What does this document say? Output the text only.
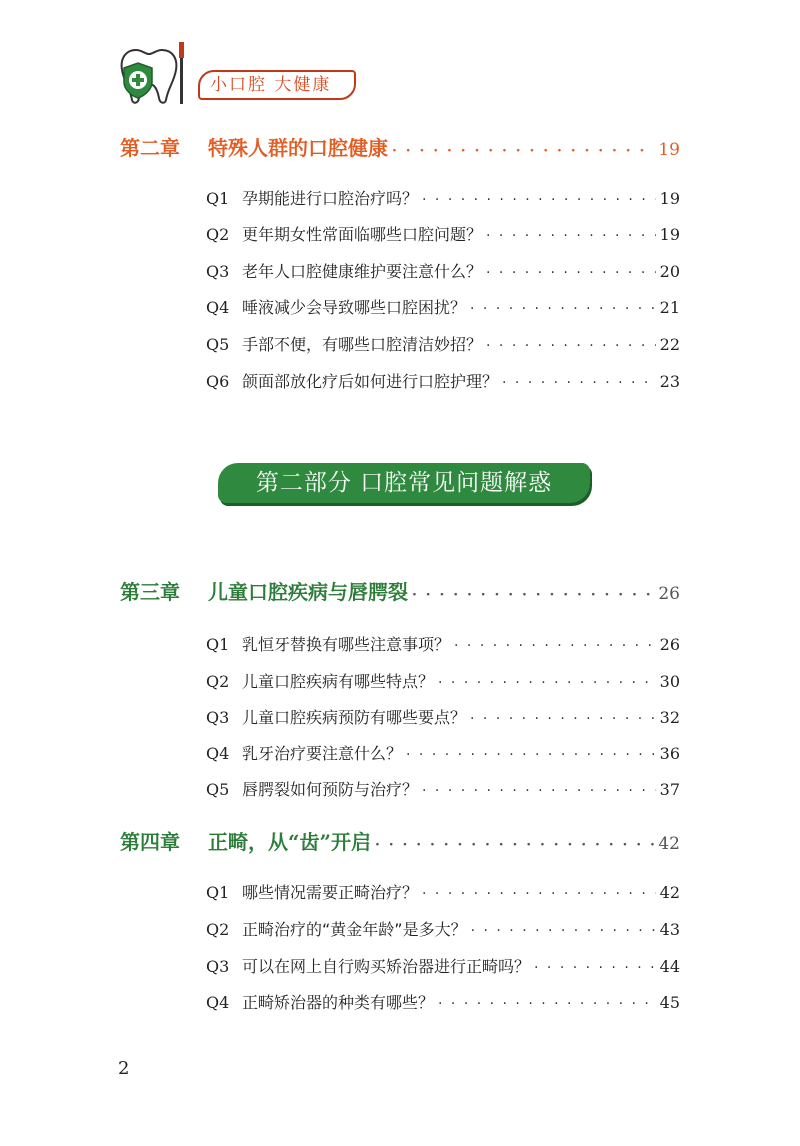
小口腔 大健康
第二章	特殊人群的口腔健康 · · ·	19
Q1 孕期能进行口腔治疗吗？ · · ·	19
Q2 更年期女性常面临哪些口腔问题？ · · ·	19
Q3 老年人口腔健康维护要注意什么？ · · ·	20
Q4 唾液减少会导致哪些口腔困扰？ · · ·	21
Q5 手部不便，有哪些口腔清洁妙招？ · · ·	22
Q6 颌面部放化疗后如何进行口腔护理？ · · ·	23
第二部分 口腔常见问题解惑
第三章	儿童口腔疾病与唇腭裂 · · ·	26
Q1 乳恒牙替换有哪些注意事项？ · · ·	26
Q2 儿童口腔疾病有哪些特点？ · · ·	30
Q3 儿童口腔疾病预防有哪些要点？ · · ·	32
Q4 乳牙治疗要注意什么？ · · ·	36
Q5 唇腭裂如何预防与治疗？ · · ·	37
第四章	正畸，从“齿”开启 · · ·	42
Q1 哪些情况需要正畸治疗？ · · ·	42
Q2 正畸治疗的“黄金年龄”是多大？ · · ·	43
Q3 可以在网上自行购买矫治器进行正畸吗？ · · ·	44
Q4 正畸矫治器的种类有哪些？ · · ·	45
2
